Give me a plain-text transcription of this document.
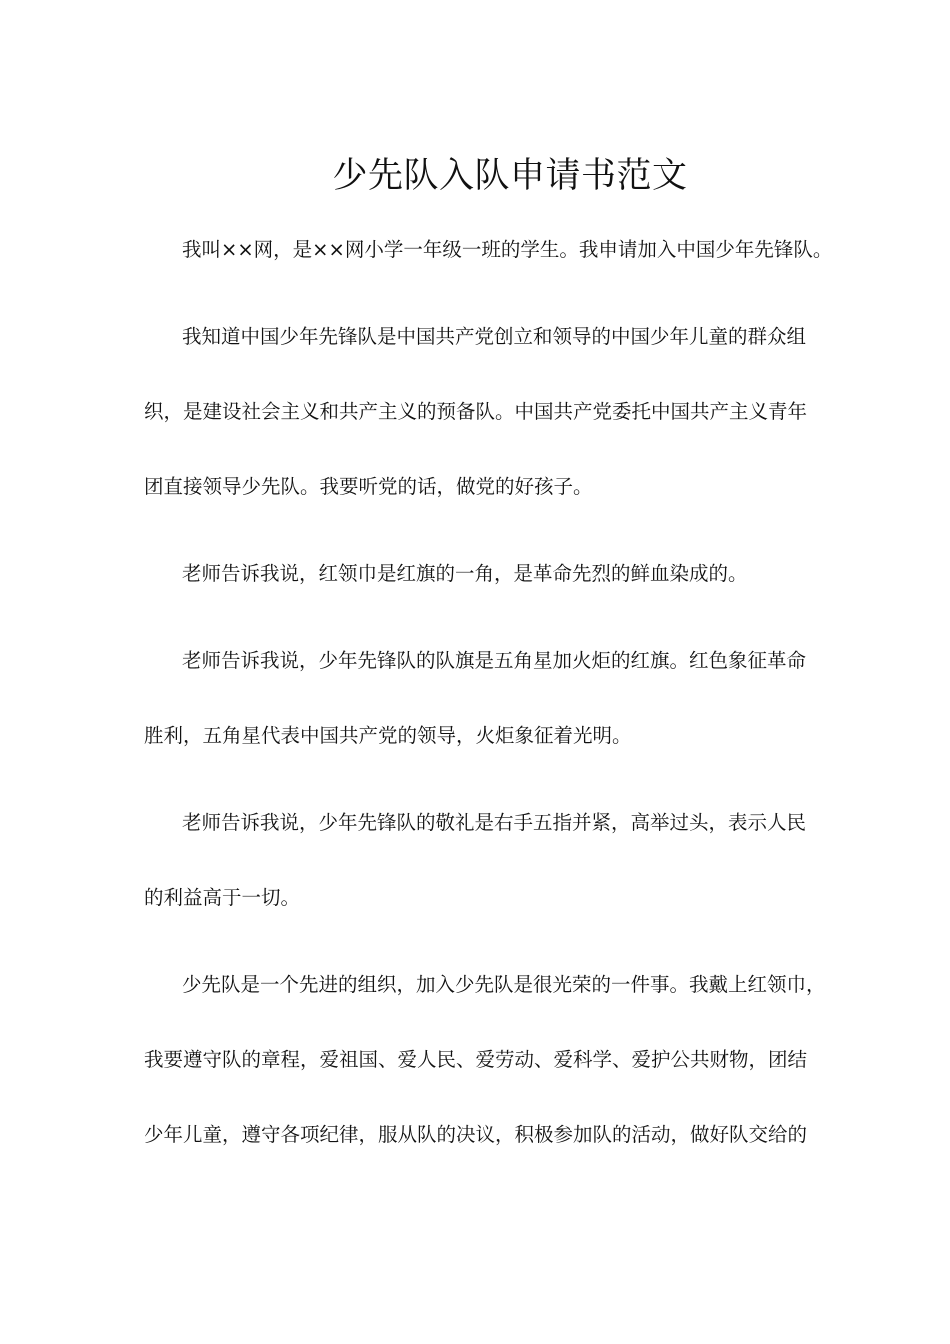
少先队入队申请书范文

我叫××网，是××网小学一年级一班的学生。我申请加入中国少年先锋队。

我知道中国少年先锋队是中国共产党创立和领导的中国少年儿童的群众组

织，是建设社会主义和共产主义的预备队。中国共产党委托中国共产主义青年

团直接领导少先队。我要听党的话，做党的好孩子。

老师告诉我说，红领巾是红旗的一角，是革命先烈的鲜血染成的。

老师告诉我说，少年先锋队的队旗是五角星加火炬的红旗。红色象征革命

胜利，五角星代表中国共产党的领导，火炬象征着光明。

老师告诉我说，少年先锋队的敬礼是右手五指并紧，高举过头，表示人民

的利益高于一切。

少先队是一个先进的组织，加入少先队是很光荣的一件事。我戴上红领巾，

我要遵守队的章程，爱祖国、爱人民、爱劳动、爱科学、爱护公共财物，团结

少年儿童，遵守各项纪律，服从队的决议，积极参加队的活动，做好队交给的
